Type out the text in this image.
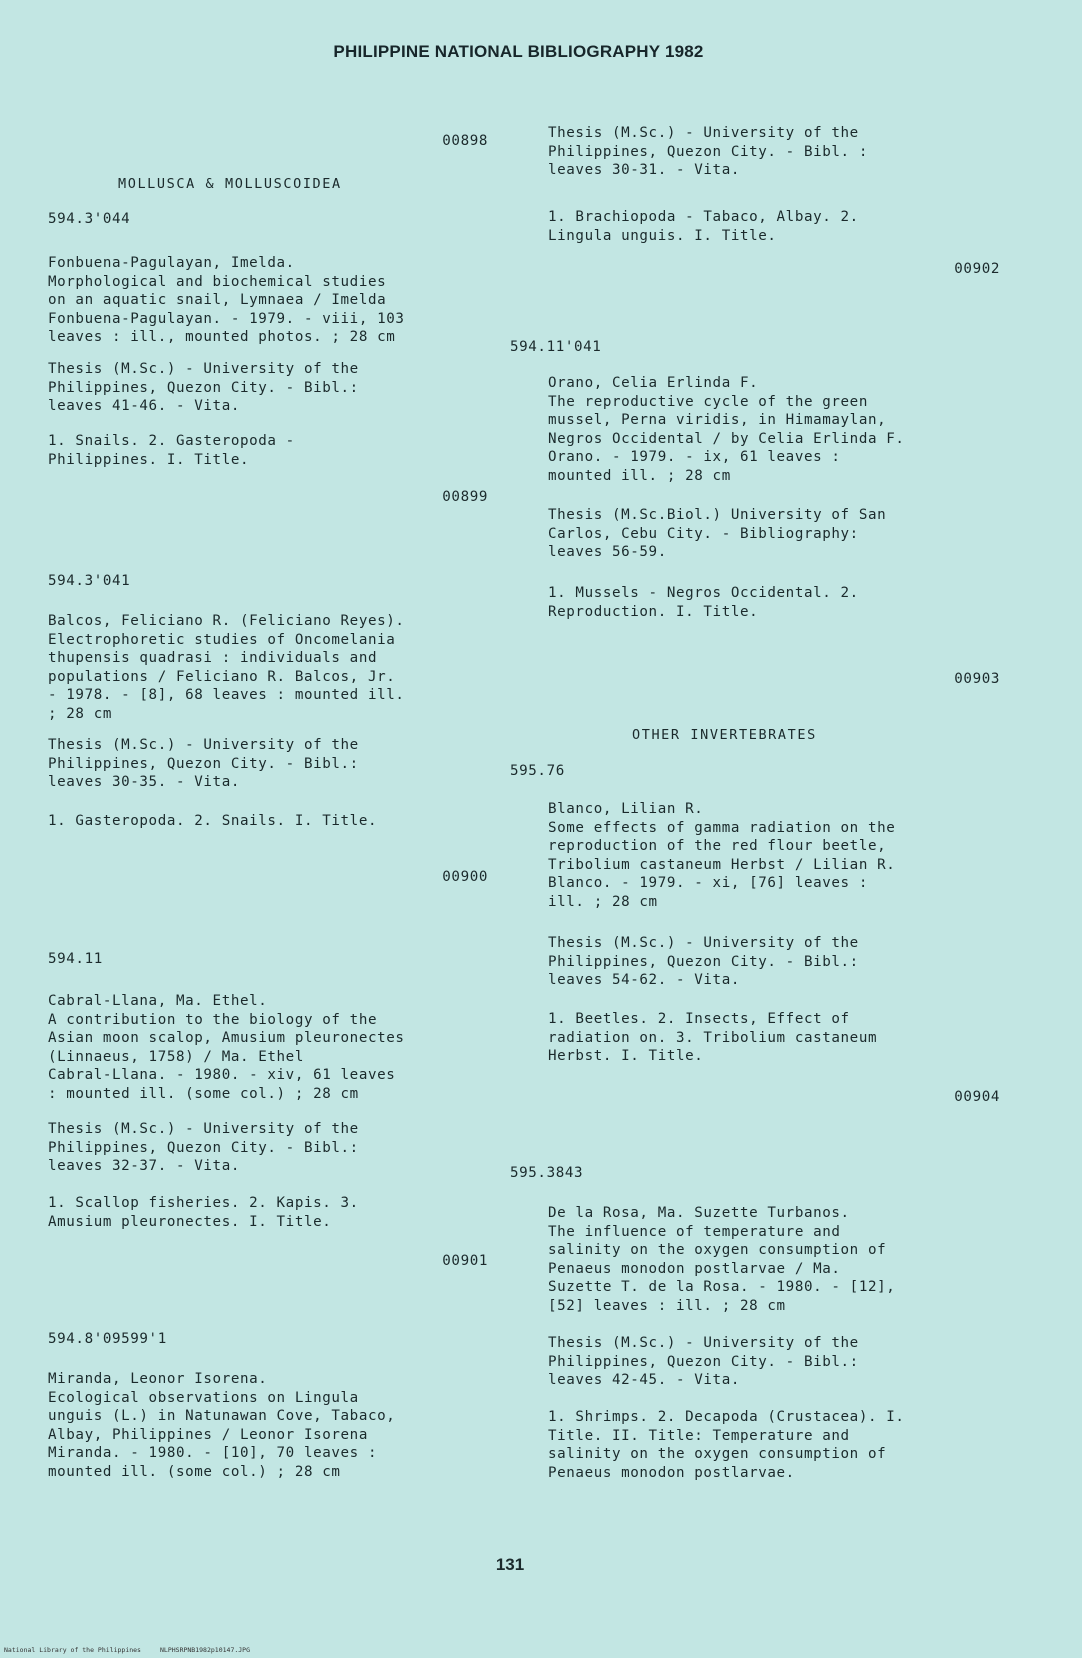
PHILIPPINE NATIONAL BIBLIOGRAPHY 1982
00898
MOLLUSCA & MOLLUSCOIDEA
594.3'044
Fonbuena-Pagulayan, Imelda.
Morphological and biochemical studies
on an aquatic snail, Lymnaea / Imelda
Fonbuena-Pagulayan. - 1979. - viii, 103
leaves : ill., mounted photos. ; 28 cm
Thesis (M.Sc.) - University of the
Philippines, Quezon City. - Bibl.:
leaves 41-46. - Vita.
1. Snails. 2. Gasteropoda -
Philippines. I. Title.
00899
594.3'041
Balcos, Feliciano R. (Feliciano Reyes).
Electrophoretic studies of Oncomelania
thupensis quadrasi : individuals and
populations / Feliciano R. Balcos, Jr.
- 1978. - [8], 68 leaves : mounted ill.
; 28 cm
Thesis (M.Sc.) - University of the
Philippines, Quezon City. - Bibl.:
leaves 30-35. - Vita.
1. Gasteropoda. 2. Snails. I. Title.
00900
594.11
Cabral-Llana, Ma. Ethel.
A contribution to the biology of the
Asian moon scalop, Amusium pleuronectes
(Linnaeus, 1758) / Ma. Ethel
Cabral-Llana. - 1980. - xiv, 61 leaves
: mounted ill. (some col.) ; 28 cm
Thesis (M.Sc.) - University of the
Philippines, Quezon City. - Bibl.:
leaves 32-37. - Vita.
1. Scallop fisheries. 2. Kapis. 3.
Amusium pleuronectes. I. Title.
00901
594.8'09599'1
Miranda, Leonor Isorena.
Ecological observations on Lingula
unguis (L.) in Natunawan Cove, Tabaco,
Albay, Philippines / Leonor Isorena
Miranda. - 1980. - [10], 70 leaves :
mounted ill. (some col.) ; 28 cm
Thesis (M.Sc.) - University of the
Philippines, Quezon City. - Bibl. :
leaves 30-31. - Vita.
1. Brachiopoda - Tabaco, Albay. 2.
Lingula unguis. I. Title.
00902
594.11'041
Orano, Celia Erlinda F.
The reproductive cycle of the green
mussel, Perna viridis, in Himamaylan,
Negros Occidental / by Celia Erlinda F.
Orano. - 1979. - ix, 61 leaves :
mounted ill. ; 28 cm
Thesis (M.Sc.Biol.) University of San
Carlos, Cebu City. - Bibliography:
leaves 56-59.
1. Mussels - Negros Occidental. 2.
Reproduction. I. Title.
00903
OTHER INVERTEBRATES
595.76
Blanco, Lilian R.
Some effects of gamma radiation on the
reproduction of the red flour beetle,
Tribolium castaneum Herbst / Lilian R.
Blanco. - 1979. - xi, [76] leaves :
ill. ; 28 cm
Thesis (M.Sc.) - University of the
Philippines, Quezon City. - Bibl.:
leaves 54-62. - Vita.
1. Beetles. 2. Insects, Effect of
radiation on. 3. Tribolium castaneum
Herbst. I. Title.
00904
595.3843
De la Rosa, Ma. Suzette Turbanos.
The influence of temperature and
salinity on the oxygen consumption of
Penaeus monodon postlarvae / Ma.
Suzette T. de la Rosa. - 1980. - [12],
[52] leaves : ill. ; 28 cm
Thesis (M.Sc.) - University of the
Philippines, Quezon City. - Bibl.:
leaves 42-45. - Vita.
1. Shrimps. 2. Decapoda (Crustacea). I.
Title. II. Title: Temperature and
salinity on the oxygen consumption of
Penaeus monodon postlarvae.
131
National Library of the Philippines	NLPHSRPNB1982p10147.JPG
